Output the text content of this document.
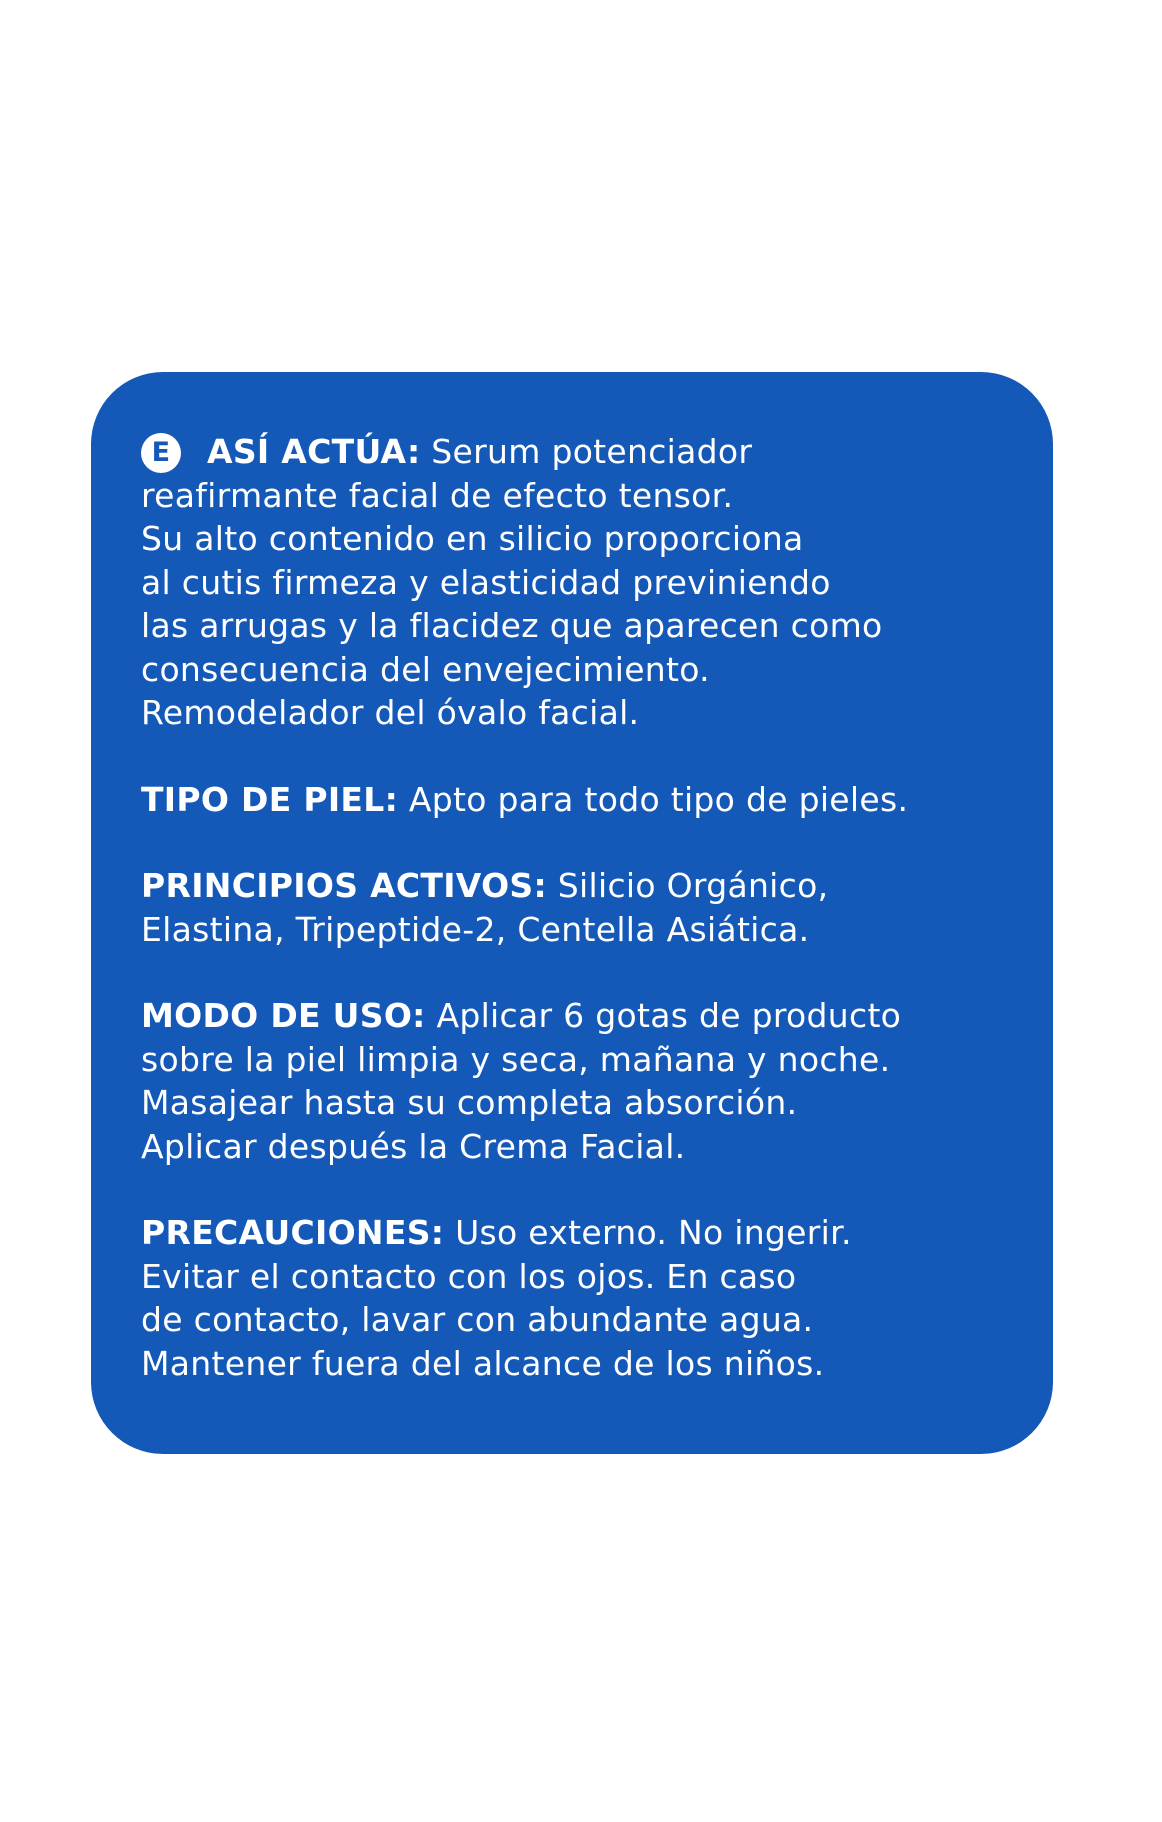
E ASÍ ACTÚA: Serum potenciador
reafirmante facial de efecto tensor.
Su alto contenido en silicio proporciona
al cutis firmeza y elasticidad previniendo
las arrugas y la flacidez que aparecen como
consecuencia del envejecimiento.
Remodelador del óvalo facial.
TIPO DE PIEL: Apto para todo tipo de pieles.
PRINCIPIOS ACTIVOS: Silicio Orgánico,
Elastina, Tripeptide-2, Centella Asiática.
MODO DE USO: Aplicar 6 gotas de producto
sobre la piel limpia y seca, mañana y noche.
Masajear hasta su completa absorción.
Aplicar después la Crema Facial.
PRECAUCIONES: Uso externo. No ingerir.
Evitar el contacto con los ojos. En caso
de contacto, lavar con abundante agua.
Mantener fuera del alcance de los niños.
